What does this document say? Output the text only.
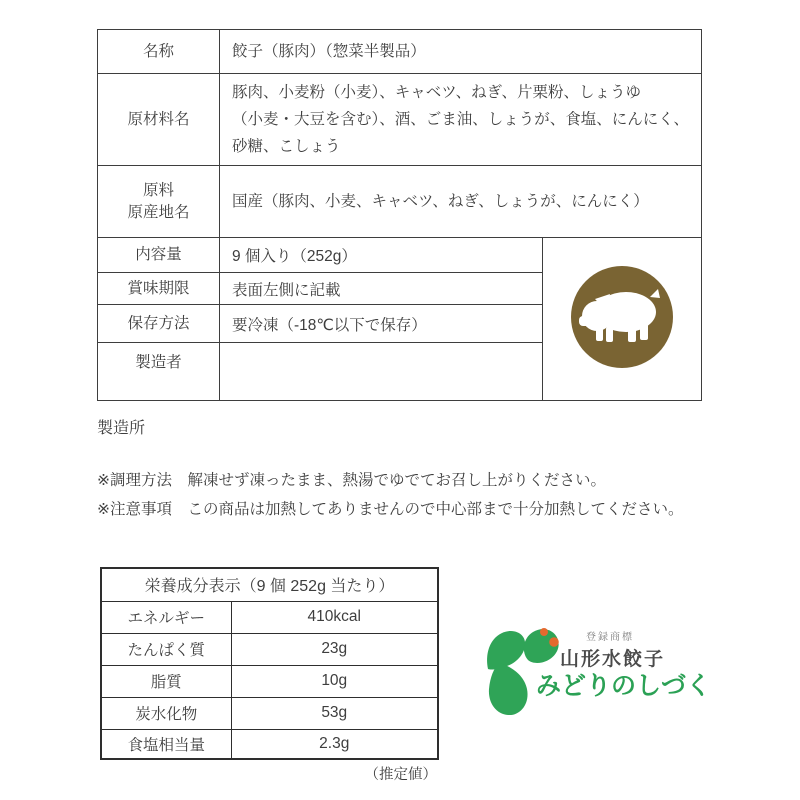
名称	餃子（豚肉）（惣菜半製品）	

原材料名	豚肉、小麦粉（小麦）、キャベツ、ねぎ、片栗粉、しょうゆ
（小麦・大豆を含む）、酒、ごま油、しょうが、食塩、にんにく、
砂糖、こしょう	

原料
原産地名	国産（豚肉、小麦、キャベツ、ねぎ、しょうが、にんにく）	

内容量	9 個入り（252g）	
賞味期限	表面左側に記載	
保存方法	要冷凍（-18℃以下で保存）	
製造者		
製造所
※調理方法　解凍せず凍ったまま、熱湯でゆでてお召し上がりください。
※注意事項　この商品は加熱してありませんので中心部まで十分加熱してください。
栄養成分表示（9 個 252g 当たり）	
エネルギー	410kcal
たんぱく質	23g
脂質	10g
炭水化物	53g
食塩相当量	2.3g
（推定値）
登録商標
山形水餃子
みどりのしづく
